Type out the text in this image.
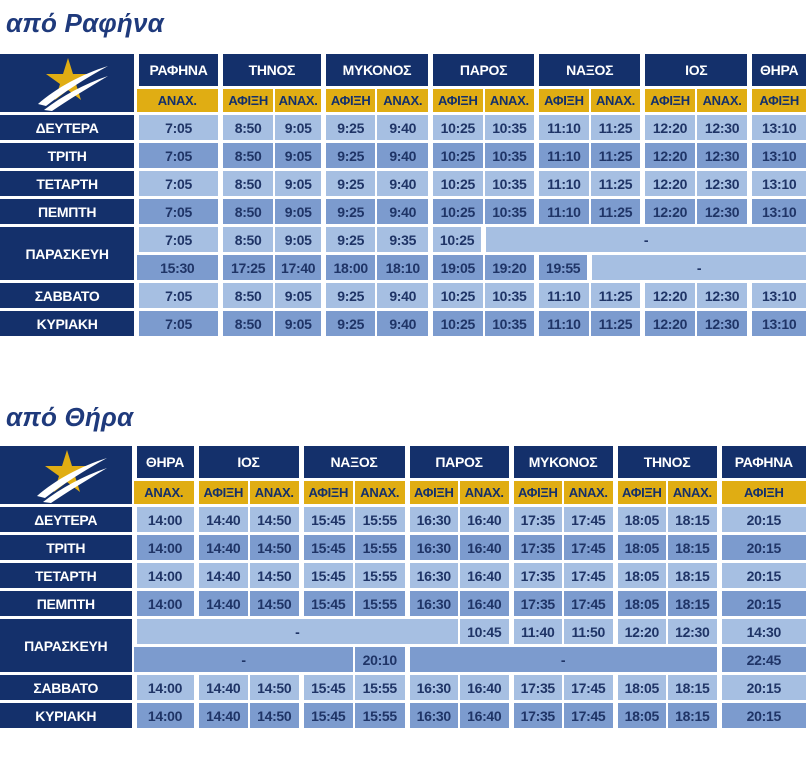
από Ραφήνα
	ΡΑΦΗΝΑ	ΤΗΝΟΣ		ΜΥΚΟΝΟΣ		ΠΑΡΟΣ		ΝΑΞΟΣ		ΙΟΣ		ΘΗΡΑ
	ΑΝΑΧ.	ΑΦΙΞΗ	ΑΝΑΧ.	ΑΦΙΞΗ	ΑΝΑΧ.	ΑΦΙΞΗ	ΑΝΑΧ.	ΑΦΙΞΗ	ΑΝΑΧ.	ΑΦΙΞΗ	ΑΝΑΧ.	ΑΦΙΞΗ
ΔΕΥΤΕΡΑ	7:05	8:50	9:05	9:25	9:40	10:25	10:35	11:10	11:25	12:20	12:30	13:10
ΤΡΙΤΗ	7:05	8:50	9:05	9:25	9:40	10:25	10:35	11:10	11:25	12:20	12:30	13:10
ΤΕΤΑΡΤΗ	7:05	8:50	9:05	9:25	9:40	10:25	10:35	11:10	11:25	12:20	12:30	13:10
ΠΕΜΠΤΗ	7:05	8:50	9:05	9:25	9:40	10:25	10:35	11:10	11:25	12:20	12:30	13:10
ΠΑΡΑΣΚΕΥΗ	7:05	8:50	9:05	9:25	9:35	10:25	-					
	15:30	17:25	17:40	18:00	18:10	19:05	19:20	19:55	-			
ΣΑΒΒΑΤΟ	7:05	8:50	9:05	9:25	9:40	10:25	10:35	11:10	11:25	12:20	12:30	13:10
ΚΥΡΙΑΚΗ	7:05	8:50	9:05	9:25	9:40	10:25	10:35	11:10	11:25	12:20	12:30	13:10
από Θήρα
	ΘΗΡΑ	ΙΟΣ		ΝΑΞΟΣ		ΠΑΡΟΣ		ΜΥΚΟΝΟΣ		ΤΗΝΟΣ		ΡΑΦΗΝΑ
	ΑΝΑΧ.	ΑΦΙΞΗ	ΑΝΑΧ.	ΑΦΙΞΗ	ΑΝΑΧ.	ΑΦΙΞΗ	ΑΝΑΧ.	ΑΦΙΞΗ	ΑΝΑΧ.	ΑΦΙΞΗ	ΑΝΑΧ.	ΑΦΙΞΗ
ΔΕΥΤΕΡΑ	14:00	14:40	14:50	15:45	15:55	16:30	16:40	17:35	17:45	18:05	18:15	20:15
ΤΡΙΤΗ	14:00	14:40	14:50	15:45	15:55	16:30	16:40	17:35	17:45	18:05	18:15	20:15
ΤΕΤΑΡΤΗ	14:00	14:40	14:50	15:45	15:55	16:30	16:40	17:35	17:45	18:05	18:15	20:15
ΠΕΜΠΤΗ	14:00	14:40	14:50	15:45	15:55	16:30	16:40	17:35	17:45	18:05	18:15	20:15
ΠΑΡΑΣΚΕΥΗ	-						10:45	11:40	11:50	12:20	12:30	14:30
	-				20:10	-						22:45
ΣΑΒΒΑΤΟ	14:00	14:40	14:50	15:45	15:55	16:30	16:40	17:35	17:45	18:05	18:15	20:15
ΚΥΡΙΑΚΗ	14:00	14:40	14:50	15:45	15:55	16:30	16:40	17:35	17:45	18:05	18:15	20:15
